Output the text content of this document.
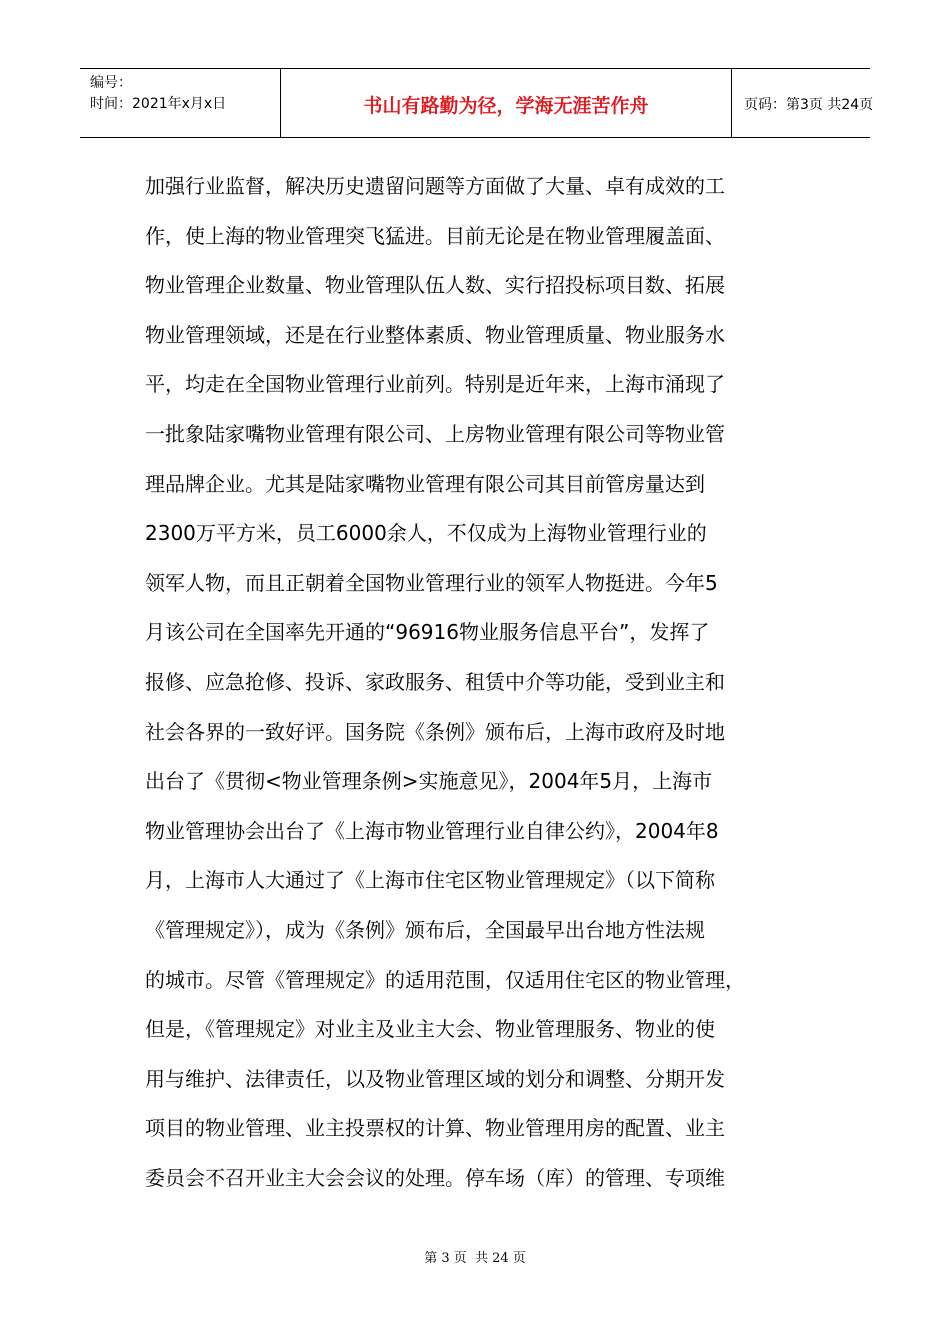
编号：
时间：2021年x月x日	书山有路勤为径，学海无涯苦作舟	页码：第3页 共24页
加强行业监督，解决历史遗留问题等方面做了大量、卓有成效的工
作，使上海的物业管理突飞猛进。目前无论是在物业管理履盖面、
物业管理企业数量、物业管理队伍人数、实行招投标项目数、拓展
物业管理领域，还是在行业整体素质、物业管理质量、物业服务水
平，均走在全国物业管理行业前列。特别是近年来，上海市涌现了
一批象陆家嘴物业管理有限公司、上房物业管理有限公司等物业管
理品牌企业。尤其是陆家嘴物业管理有限公司其目前管房量达到
2300万平方米，员工6000余人，不仅成为上海物业管理行业的
领军人物，而且正朝着全国物业管理行业的领军人物挺进。今年5
月该公司在全国率先开通的“96916物业服务信息平台”，发挥了
报修、应急抢修、投诉、家政服务、租赁中介等功能，受到业主和
社会各界的一致好评。国务院《条例》颁布后，上海市政府及时地
出台了《贯彻<物业管理条例>实施意见》，2004年5月，上海市
物业管理协会出台了《上海市物业管理行业自律公约》，2004年8
月，上海市人大通过了《上海市住宅区物业管理规定》（以下简称
《管理规定》），成为《条例》颁布后，全国最早出台地方性法规
的城市。尽管《管理规定》的适用范围，仅适用住宅区的物业管理，
但是，《管理规定》对业主及业主大会、物业管理服务、物业的使
用与维护、法律责任，以及物业管理区域的划分和调整、分期开发
项目的物业管理、业主投票权的计算、物业管理用房的配置、业主
委员会不召开业主大会会议的处理。停车场（库）的管理、专项维
第 3 页  共 24 页
